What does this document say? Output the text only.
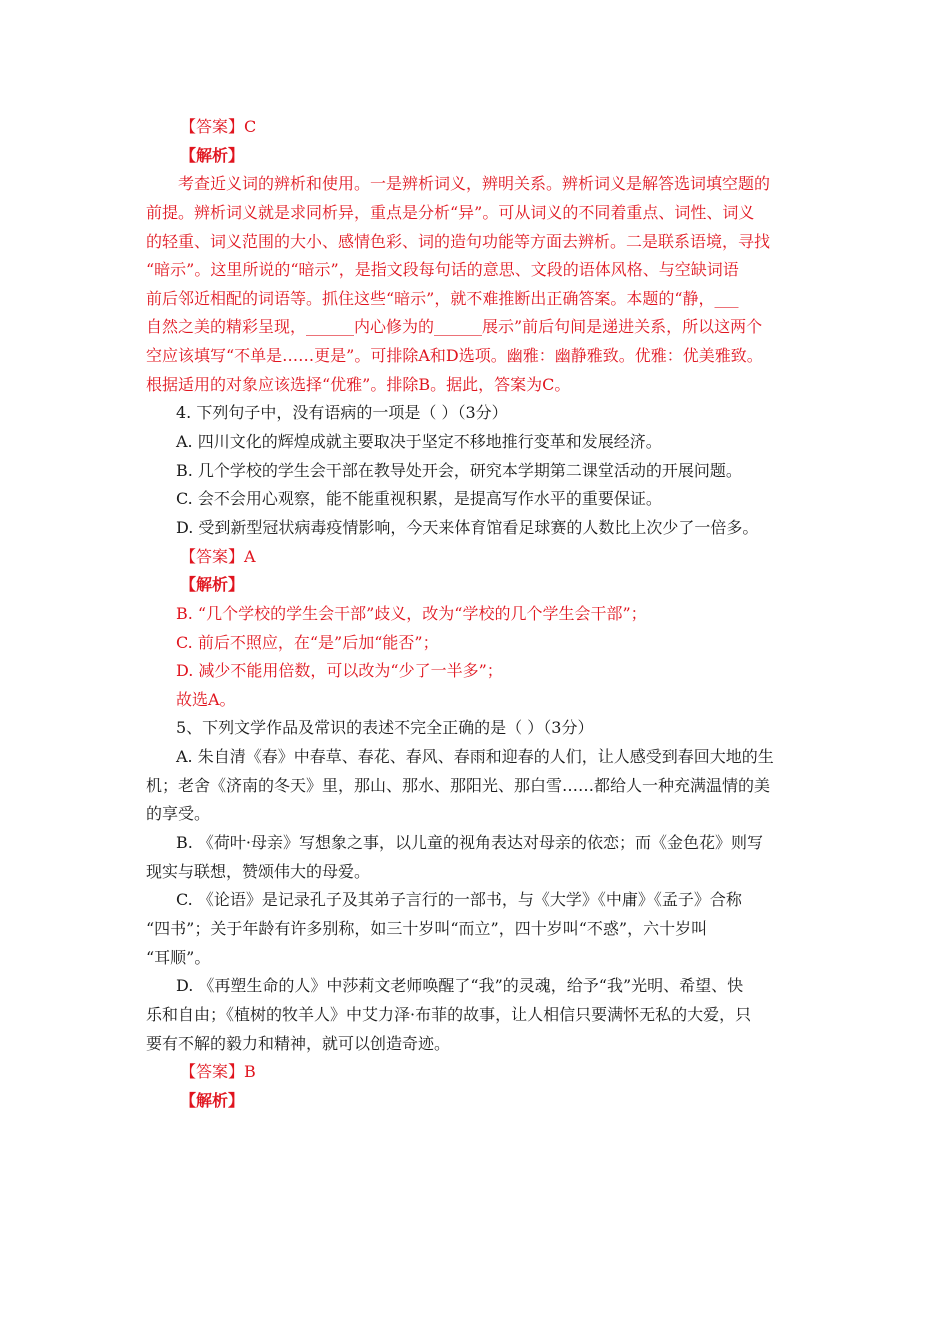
【答案】C
【解析】
考查近义词的辨析和使用。一是辨析词义，辨明关系。辨析词义是解答选词填空题的
前提。辨析词义就是求同析异，重点是分析“异”。可从词义的不同着重点、词性、词义
的轻重、词义范围的大小、感情色彩、词的造句功能等方面去辨析。二是联系语境，寻找
“暗示”。这里所说的“暗示”，是指文段每句话的意思、文段的语体风格、与空缺词语
前后邻近相配的词语等。抓住这些“暗示”，就不难推断出正确答案。本题的“静，___
自然之美的精彩呈现，______内心修为的______展示”前后句间是递进关系，所以这两个
空应该填写“不单是……更是”。可排除A和D选项。幽雅：幽静雅致。优雅：优美雅致。
根据适用的对象应该选择“优雅”。排除B。据此，答案为C。
4. 下列句子中，没有语病的一项是（ ）（3分）
A. 四川文化的辉煌成就主要取决于坚定不移地推行变革和发展经济。
B. 几个学校的学生会干部在教导处开会，研究本学期第二课堂活动的开展问题。
C. 会不会用心观察，能不能重视积累，是提高写作水平的重要保证。
D. 受到新型冠状病毒疫情影响，今天来体育馆看足球赛的人数比上次少了一倍多。
【答案】A
【解析】
B. “几个学校的学生会干部”歧义，改为“学校的几个学生会干部”；
C. 前后不照应，在“是”后加“能否”；
D. 减少不能用倍数，可以改为“少了一半多”；
故选A。
5、下列文学作品及常识的表述不完全正确的是（ ）（3分）
A. 朱自清《春》中春草、春花、春风、春雨和迎春的人们，让人感受到春回大地的生
机；老舍《济南的冬天》里，那山、那水、那阳光、那白雪……都给人一种充满温情的美
的享受。
B. 《荷叶·母亲》写想象之事，以儿童的视角表达对母亲的依恋；而《金色花》则写
现实与联想，赞颂伟大的母爱。
C. 《论语》是记录孔子及其弟子言行的一部书，与《大学》《中庸》《孟子》合称
“四书”；关于年龄有许多别称，如三十岁叫“而立”，四十岁叫“不惑”，六十岁叫
“耳顺”。
D. 《再塑生命的人》中莎莉文老师唤醒了“我”的灵魂，给予“我”光明、希望、快
乐和自由；《植树的牧羊人》中艾力泽·布菲的故事，让人相信只要满怀无私的大爱，只
要有不解的毅力和精神，就可以创造奇迹。
【答案】B
【解析】
